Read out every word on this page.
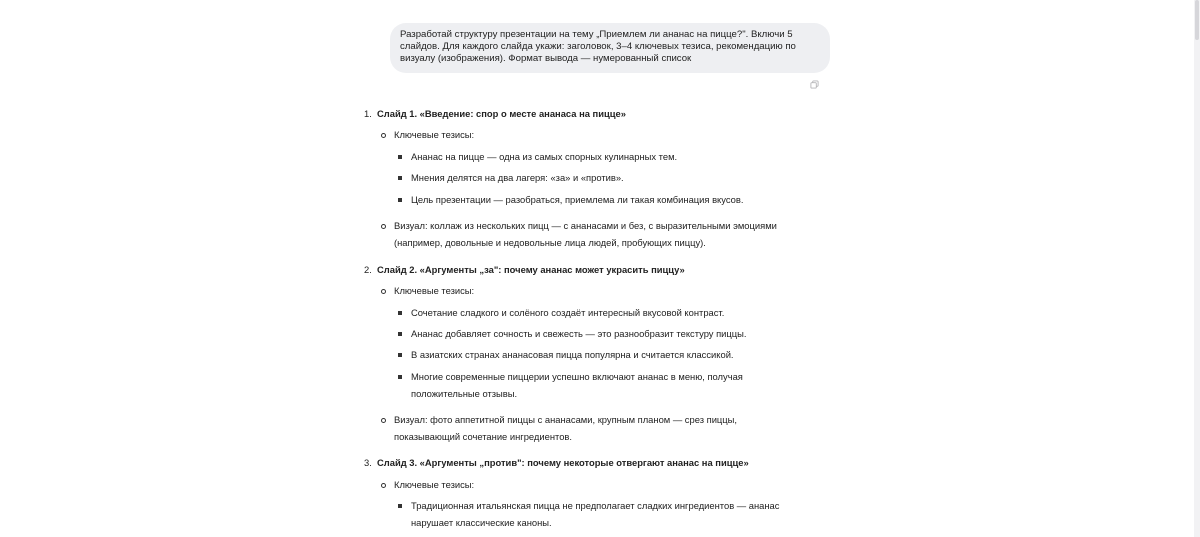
Разработай структуру презентации на тему „Приемлем ли ананас на пицце?". Включи 5
слайдов. Для каждого слайда укажи: заголовок, 3–4 ключевых тезиса, рекомендацию по
визуалу (изображения). Формат вывода — нумерованный список
1. Слайд 1. «Введение: спор о месте ананаса на пицце»
Ключевые тезисы:
Ананас на пицце — одна из самых спорных кулинарных тем.
Мнения делятся на два лагеря: «за» и «против».
Цель презентации — разобраться, приемлема ли такая комбинация вкусов.
Визуал: коллаж из нескольких пицц — с ананасами и без, с выразительными эмоциями
(например, довольные и недовольные лица людей, пробующих пиццу).
2. Слайд 2. «Аргументы „за": почему ананас может украсить пиццу»
Ключевые тезисы:
Сочетание сладкого и солёного создаёт интересный вкусовой контраст.
Ананас добавляет сочность и свежесть — это разнообразит текстуру пиццы.
В азиатских странах ананасовая пицца популярна и считается классикой.
Многие современные пиццерии успешно включают ананас в меню, получая
положительные отзывы.
Визуал: фото аппетитной пиццы с ананасами, крупным планом — срез пиццы,
показывающий сочетание ингредиентов.
3. Слайд 3. «Аргументы „против": почему некоторые отвергают ананас на пицце»
Ключевые тезисы:
Традиционная итальянская пицца не предполагает сладких ингредиентов — ананас
нарушает классические каноны.
